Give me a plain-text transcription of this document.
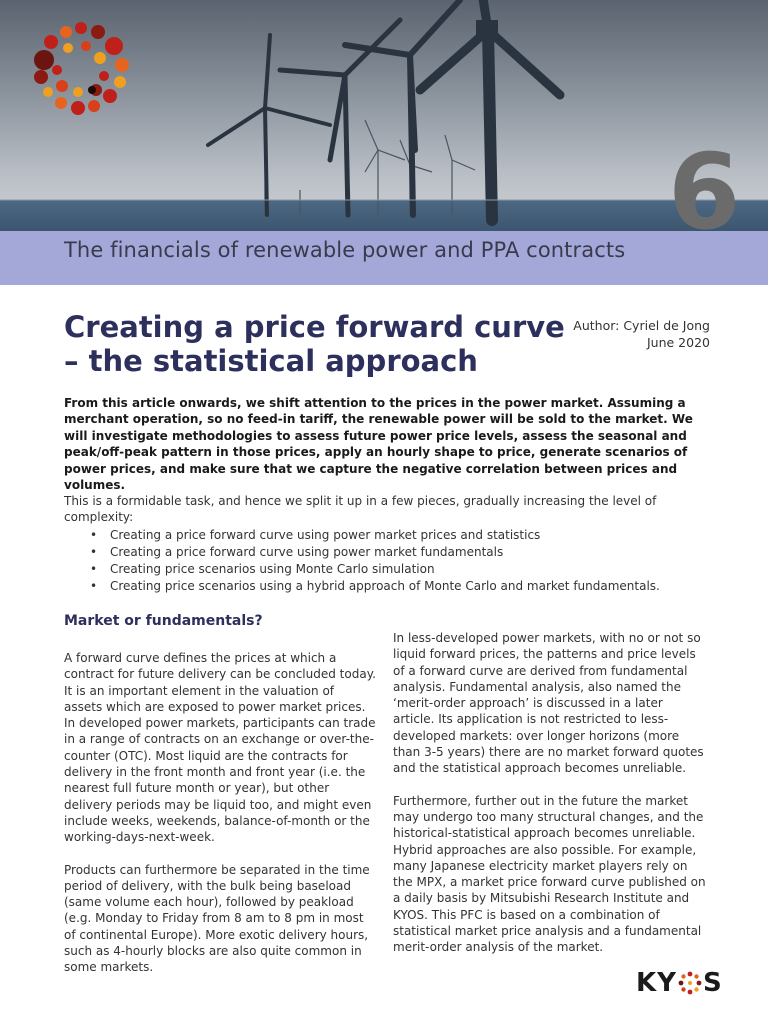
The financials of renewable power and PPA contracts 6
Creating a price forward curve
– the statistical approach
Author: Cyriel de Jong
June 2020

From this article onwards, we shift attention to the prices in the power market. Assuming a merchant operation, so no feed-in tariff, the renewable power will be sold to the market. We will investigate methodologies to assess future power price levels, assess the seasonal and peak/off-peak pattern in those prices, apply an hourly shape to price, generate scenarios of power prices, and make sure that we capture the negative correlation between prices and volumes.

This is a formidable task, and hence we split it up in a few pieces, gradually increasing the level of complexity:

• Creating a price forward curve using power market prices and statistics
• Creating a price forward curve using power market fundamentals
• Creating price scenarios using Monte Carlo simulation
• Creating price scenarios using a hybrid approach of Monte Carlo and market fundamentals.
Market or fundamentals?

A forward curve defines the prices at which a contract for future delivery can be concluded today. It is an important element in the valuation of assets which are exposed to power market prices. In developed power markets, participants can trade in a range of contracts on an exchange or over-the-counter (OTC). Most liquid are the contracts for delivery in the front month and front year (i.e. the nearest full future month or year), but other delivery periods may be liquid too, and might even include weeks, weekends, balance-of-month or the working-days-next-week.

Products can furthermore be separated in the time period of delivery, with the bulk being baseload (same volume each hour), followed by peakload (e.g. Monday to Friday from 8 am to 8 pm in most of continental Europe). More exotic delivery hours, such as 4-hourly blocks are also quite common in some markets.

In less-developed power markets, with no or not so liquid forward prices, the patterns and price levels of a forward curve are derived from fundamental analysis. Fundamental analysis, also named the ‘merit-order approach’ is discussed in a later article. Its application is not restricted to less-developed markets: over longer horizons (more than 3-5 years) there are no market forward quotes and the statistical approach becomes unreliable.

Furthermore, further out in the future the market may undergo too many structural changes, and the historical-statistical approach becomes unreliable. Hybrid approaches are also possible. For example, many Japanese electricity market players rely on the MPX, a market price forward curve published on a daily basis by Mitsubishi Research Institute and KYOS. This PFC is based on a combination of statistical market price analysis and a fundamental merit-order analysis of the market.

KY S
